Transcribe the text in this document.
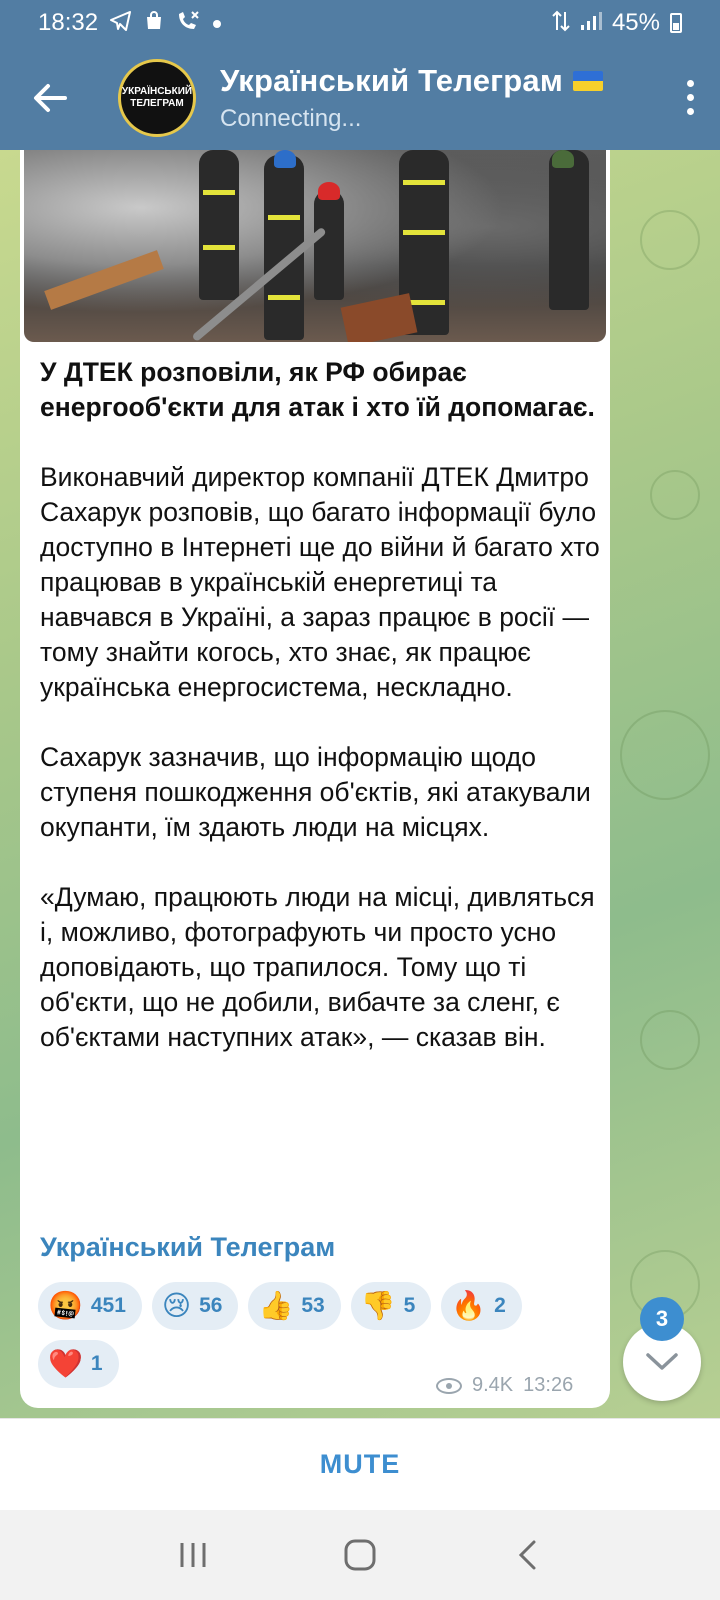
18:32	45%
УКРАЇНСЬКИЙ
ТЕЛЕГРАМ
Український Телеграм
Connecting...

У ДТЕК розповіли, як РФ обирає енергооб'єкти для атак і хто їй допомагає.

Виконавчий директор компанії ДТЕК Дмитро Сахарук розповів, що багато інформації було доступно в Інтернеті ще до війни й багато хто працював в українській енергетиці та навчався в Україні, а зараз працює в росії — тому знайти когось, хто знає, як працює українська енергосистема, нескладно.

Сахарук зазначив, що інформацію щодо ступеня пошкодження об'єктів, які атакували окупанти, їм здають люди на місцях.

«Думаю, працюють люди на місці, дивляться і, можливо, фотографують чи просто усно доповідають, що трапилося. Тому що ті об'єкти, що не добили, вибачте за сленг, є об'єктами наступних атак», — сказав він.

Український Телеграм
🤬 451 😢 56 👍 53 👎 5 🔥 2
❤️ 1
9.4K 13:26
3
MUTE
